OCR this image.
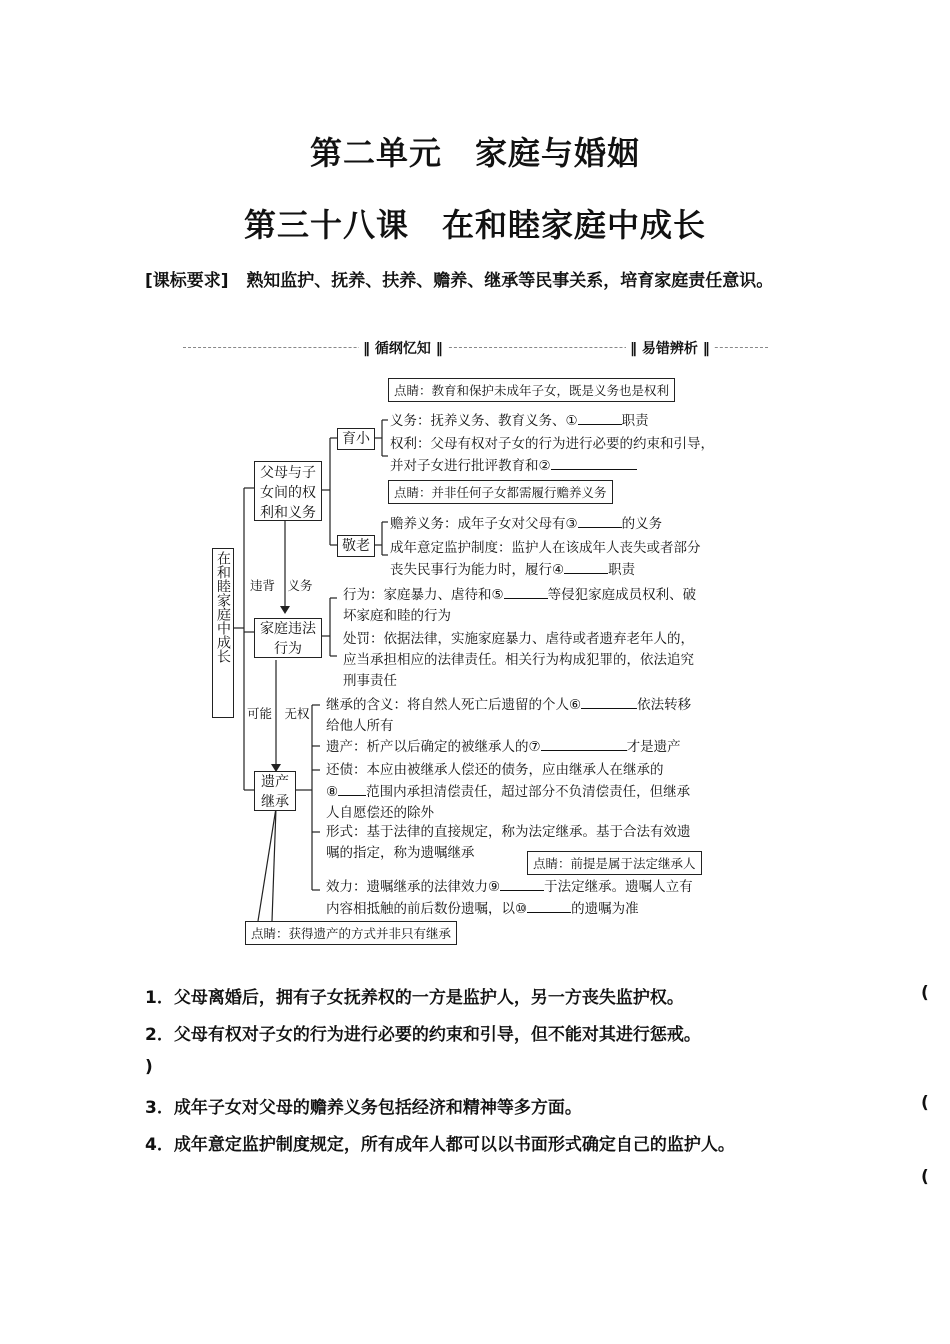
第二单元　家庭与婚姻
第三十八课　在和睦家庭中成长
[课标要求] 熟知监护、抚养、扶养、赡养、继承等民事关系，培育家庭责任意识。
‖ 循纲忆知 ‖	‖ 易错辨析 ‖
在和睦家庭中成长
父母与子女间的权利和义务
育小
敬老
家庭违法行为
遗产继承
违背　义务
可能　无权
点睛：教育和保护未成年子女，既是义务也是权利
点睛：并非任何子女都需履行赡养义务
点睛：前提是属于法定继承人
点睛：获得遗产的方式并非只有继承
义务：抚养义务、教育义务、①	职责
权利：父母有权对子女的行为进行必要的约束和引导，
并对子女进行批评教育和②
赡养义务：成年子女对父母有③	的义务
成年意定监护制度：监护人在该成年人丧失或者部分
丧失民事行为能力时，履行④	职责
行为：家庭暴力、虐待和⑤	等侵犯家庭成员权利、破
坏家庭和睦的行为
处罚：依据法律，实施家庭暴力、虐待或者遗弃老年人的，
应当承担相应的法律责任。相关行为构成犯罪的，依法追究
刑事责任
继承的含义：将自然人死亡后遗留的个人⑥	依法转移
给他人所有
遗产：析产以后确定的被继承人的⑦	才是遗产
还债：本应由被继承人偿还的债务，应由继承人在继承的
⑧ 范围内承担清偿责任，超过部分不负清偿责任，但继承
人自愿偿还的除外
形式：基于法律的直接规定，称为法定继承。基于合法有效遗
嘱的指定，称为遗嘱继承
效力：遗嘱继承的法律效力⑨	于法定继承。遗嘱人立有
内容相抵触的前后数份遗嘱，以⑩	的遗嘱为准
1．父母离婚后，拥有子女抚养权的一方是监护人，另一方丧失监护权。	(
2．父母有权对子女的行为进行必要的约束和引导，但不能对其进行惩戒。
)
3．成年子女对父母的赡养义务包括经济和精神等多方面。	(
4．成年意定监护制度规定，所有成年人都可以以书面形式确定自己的监护人。
(
